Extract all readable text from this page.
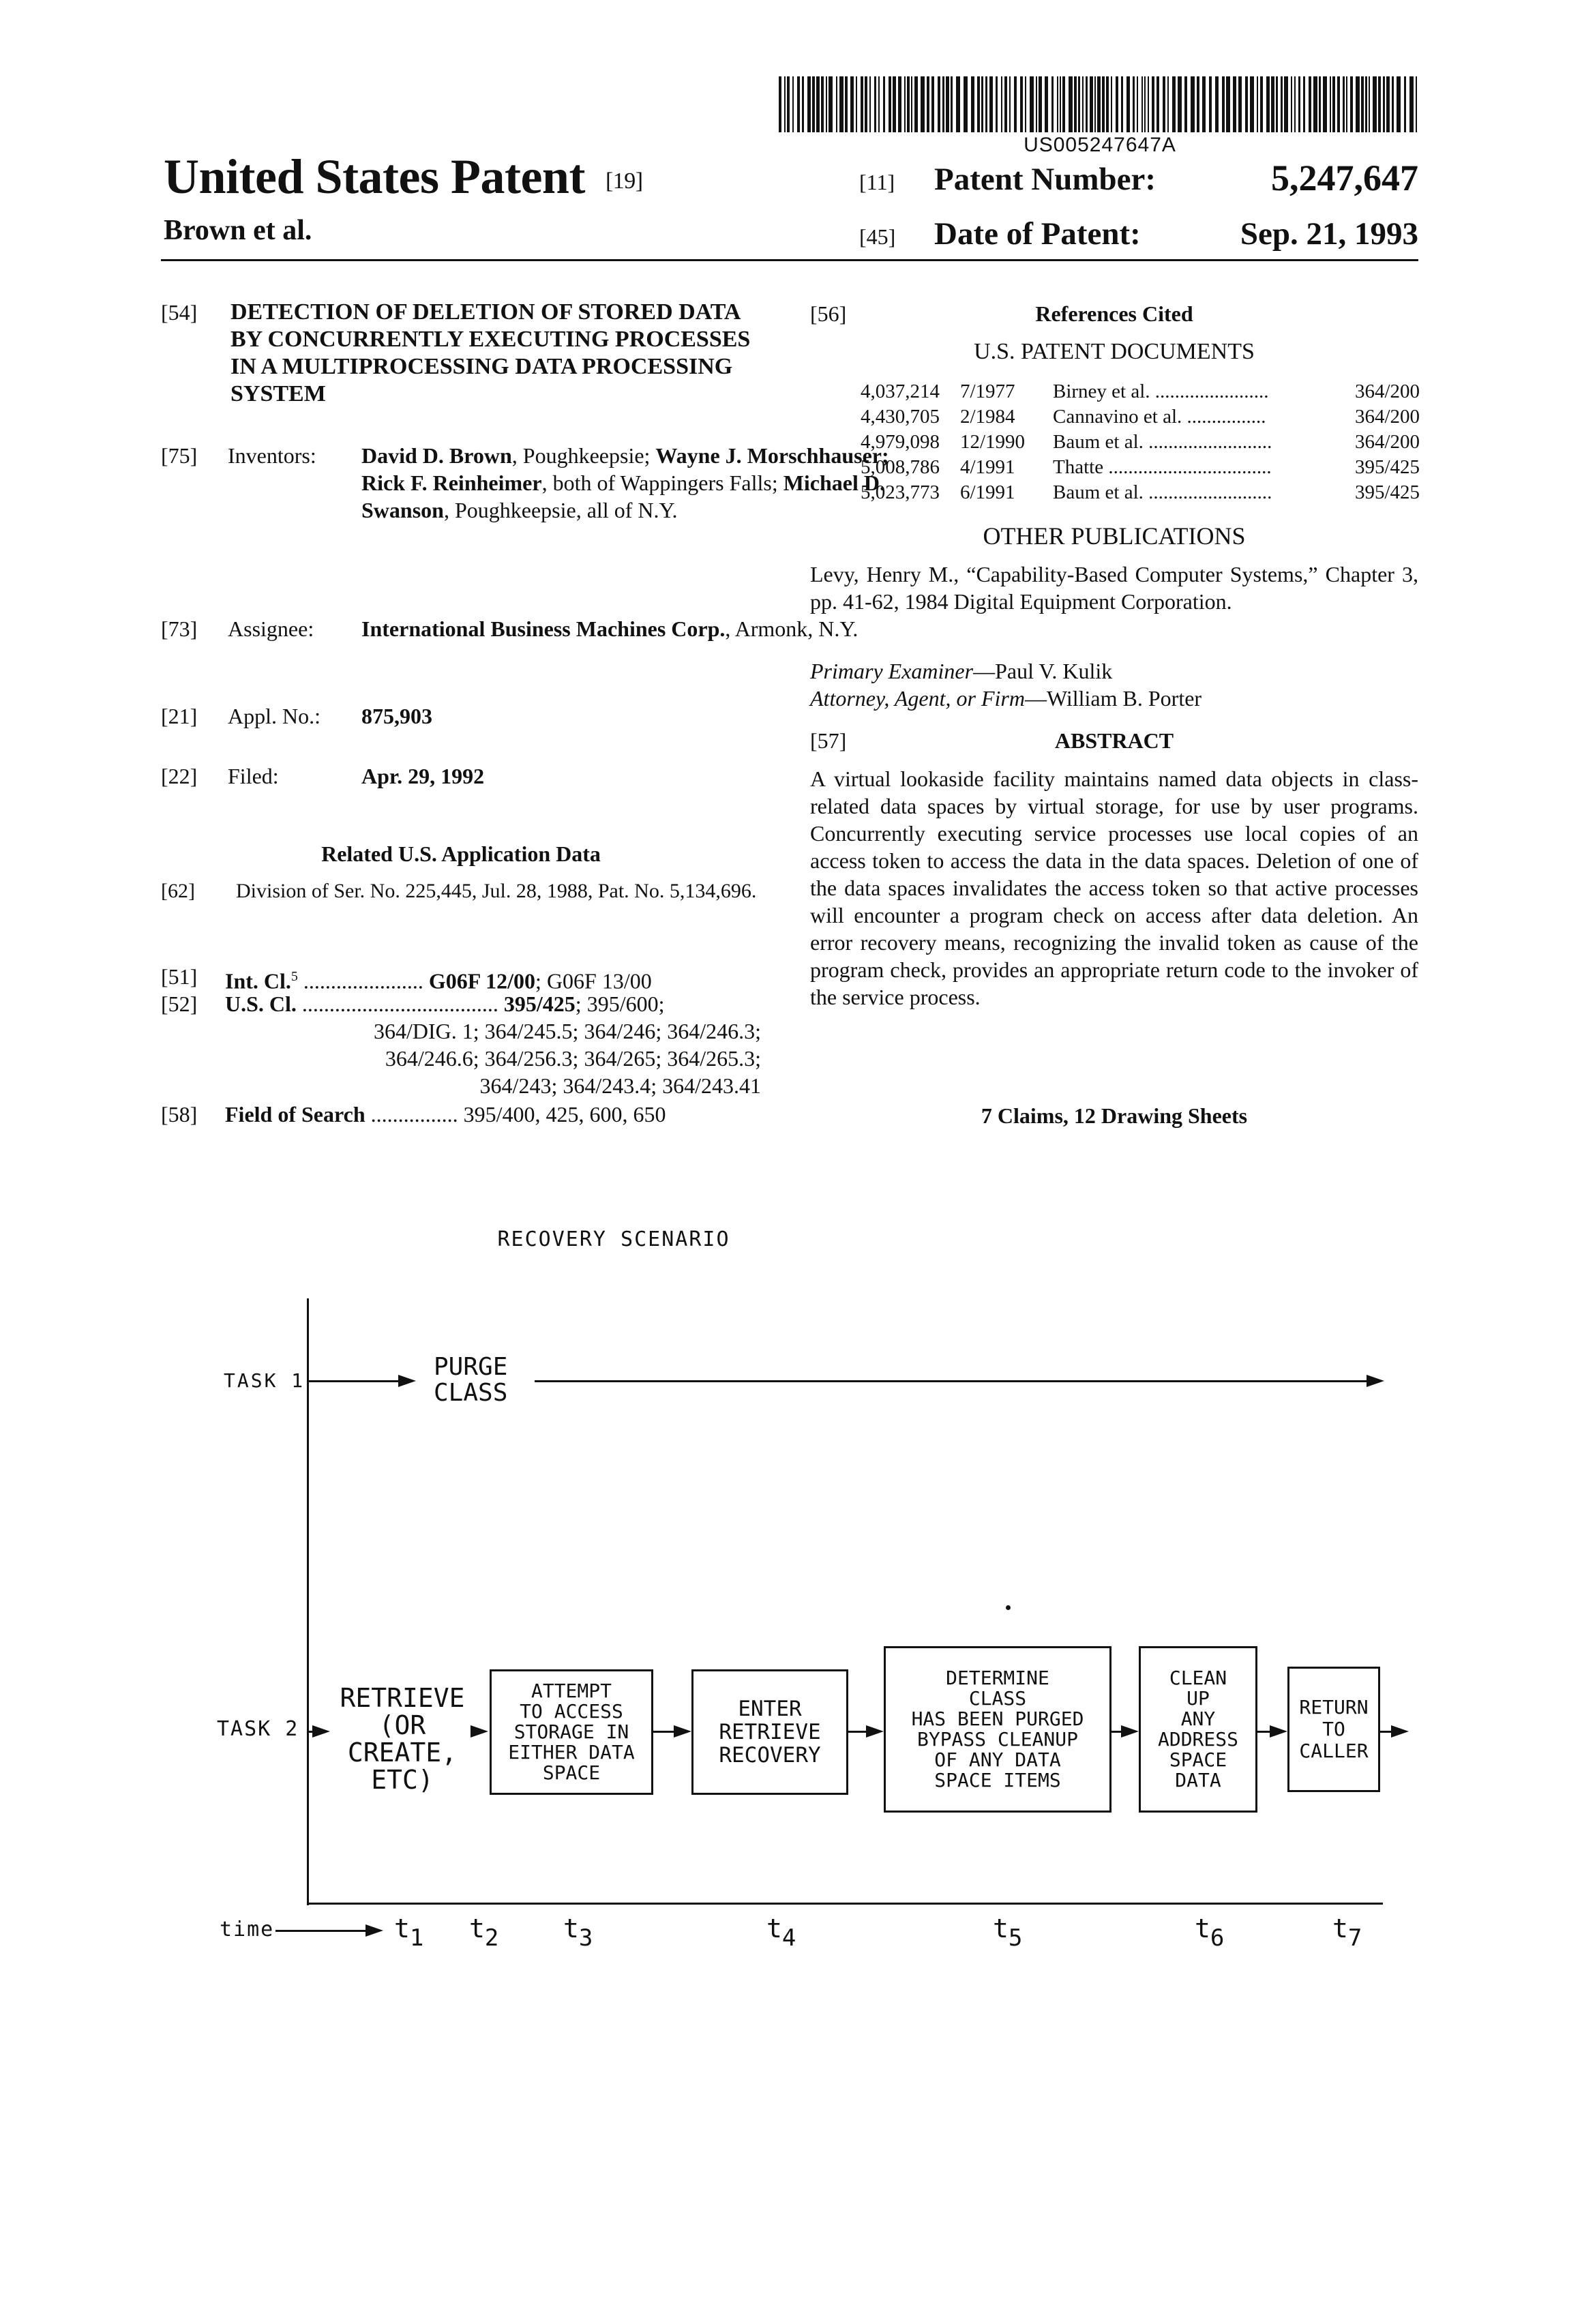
US005247647A
United States Patent [19]
Brown et al.
[11] Patent Number:	5,247,647
[45] Date of Patent:	Sep. 21, 1993
[54] DETECTION OF DELETION OF STORED DATA BY CONCURRENTLY EXECUTING PROCESSES IN A MULTIPROCESSING DATA PROCESSING SYSTEM
[75] Inventors: David D. Brown, Poughkeepsie; Wayne J. Morschhauser; Rick F. Reinheimer, both of Wappingers Falls; Michael D. Swanson, Poughkeepsie, all of N.Y.
[73] Assignee: International Business Machines Corp., Armonk, N.Y.
[21] Appl. No.: 875,903
[22] Filed:	Apr. 29, 1992
Related U.S. Application Data
[62] Division of Ser. No. 225,445, Jul. 28, 1988, Pat. No. 5,134,696.
[51] Int. Cl.$^5$ ...................... G06F 12/00; G06F 13/00
[52] U.S. Cl. .................................... 395/425; 395/600;
364/DIG. 1; 364/245.5; 364/246; 364/246.3;
364/246.6; 364/256.3; 364/265; 364/265.3;
364/243; 364/243.4; 364/243.41
[58] Field of Search ................ 395/400, 425, 600, 650
[56]	References Cited
U.S. PATENT DOCUMENTS
4,037,214	7/1977	Birney et al. .......................	364/200
4,430,705	2/1984	Cannavino et al. ................	364/200
4,979,098	12/1990	Baum et al. .........................	364/200
5,008,786	4/1991	Thatte .................................	395/425
5,023,773	6/1991	Baum et al. .........................	395/425
OTHER PUBLICATIONS
Levy, Henry M., “Capability-Based Computer Systems,” Chapter 3, pp. 41-62, 1984 Digital Equipment Corporation.
Primary Examiner—Paul V. Kulik
Attorney, Agent, or Firm—William B. Porter
[57]	ABSTRACT
A virtual lookaside facility maintains named data objects in class-related data spaces by virtual storage, for use by user programs. Concurrently executing service processes use local copies of an access token to access the data in the data spaces. Deletion of one of the data spaces invalidates the access token so that active processes will encounter a program check on access after data deletion. An error recovery means, recognizing the invalid token as cause of the program check, provides an appropriate return code to the invoker of the service process.
7 Claims, 12 Drawing Sheets
RECOVERY SCENARIO
TASK 1	PURGE
CLASS
TASK 2
RETRIEVE
(OR
CREATE,
ETC)
ATTEMPT
TO ACCESS
STORAGE IN
EITHER DATA
SPACE
ENTER
RETRIEVE
RECOVERY
DETERMINE
CLASS
HAS BEEN PURGED
BYPASS CLEANUP
OF ANY DATA
SPACE ITEMS
CLEAN
UP
ANY
ADDRESS
SPACE
DATA
RETURN
TO
CALLER
time	$t_1$ $t_2$ $t_3$	$t_4$	$t_5$	$t_6$	$t_7$
